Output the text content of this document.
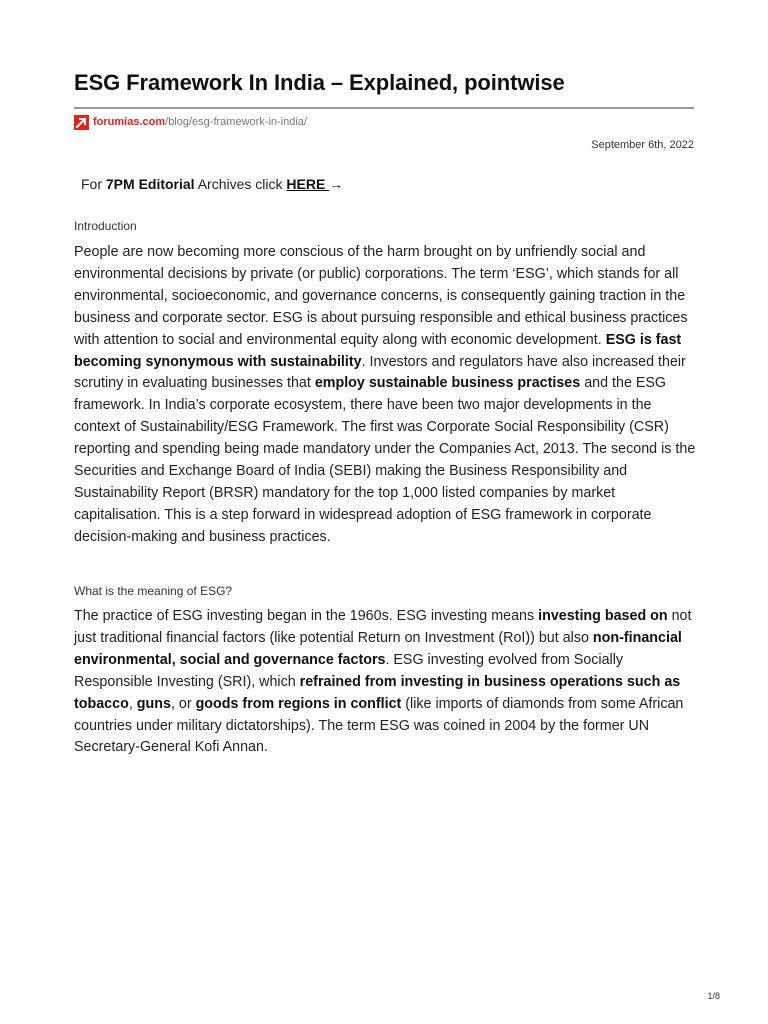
ESG Framework In India – Explained, pointwise
forumias.com /blog/esg-framework-in-india/
September 6th, 2022
For 7PM Editorial Archives click HERE →
Introduction
People are now becoming more conscious of the harm brought on by unfriendly social and environmental decisions by private (or public) corporations. The term ‘ESG’, which stands for all environmental, socioeconomic, and governance concerns, is consequently gaining traction in the business and corporate sector. ESG is about pursuing responsible and ethical business practices with attention to social and environmental equity along with economic development. ESG is fast becoming synonymous with sustainability. Investors and regulators have also increased their scrutiny in evaluating businesses that employ sustainable business practises and the ESG framework. In India’s corporate ecosystem, there have been two major developments in the context of Sustainability/ESG Framework. The first was Corporate Social Responsibility (CSR) reporting and spending being made mandatory under the Companies Act, 2013. The second is the Securities and Exchange Board of India (SEBI) making the Business Responsibility and Sustainability Report (BRSR) mandatory for the top 1,000 listed companies by market capitalisation. This is a step forward in widespread adoption of ESG framework in corporate decision-making and business practices.
What is the meaning of ESG?
The practice of ESG investing began in the 1960s. ESG investing means investing based on not just traditional financial factors (like potential Return on Investment (RoI)) but also non-financial environmental, social and governance factors. ESG investing evolved from Socially Responsible Investing (SRI), which refrained from investing in business operations such as tobacco, guns, or goods from regions in conflict (like imports of diamonds from some African countries under military dictatorships). The term ESG was coined in 2004 by the former UN Secretary-General Kofi Annan.
1/8
